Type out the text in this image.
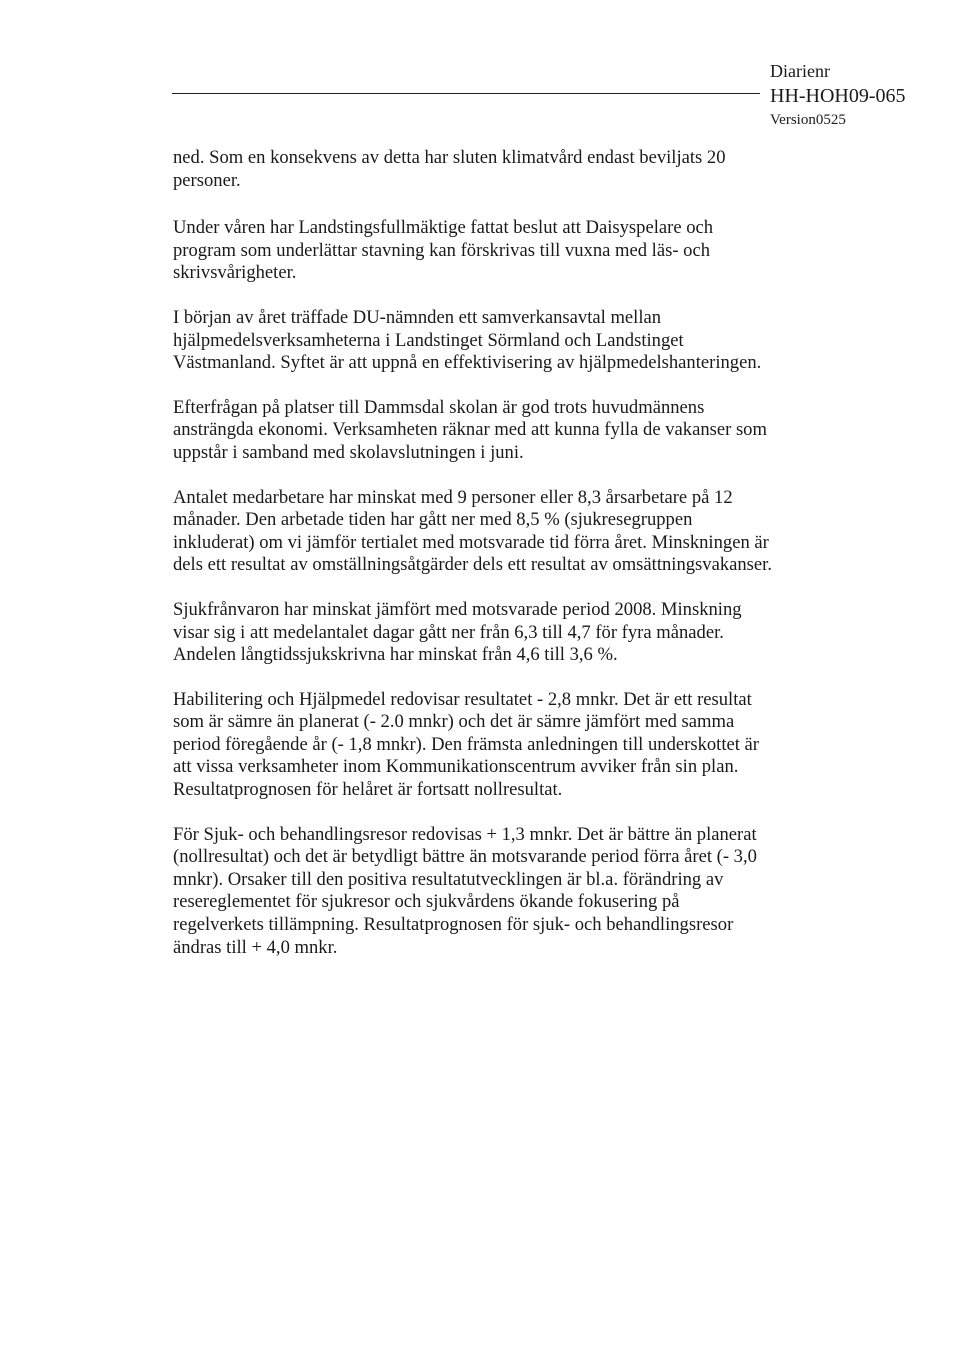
Diarienr
HH-HOH09-065
Version0525

ned. Som en konsekvens av detta har sluten klimatvård endast beviljats 20 personer.

Under våren har Landstingsfullmäktige fattat beslut att Daisyspelare och program som underlättar stavning kan förskrivas till vuxna med läs- och skrivsvårigheter.

I början av året träffade DU-nämnden ett samverkansavtal mellan hjälpmedelsverksamheterna i Landstinget Sörmland och Landstinget Västmanland. Syftet är att uppnå en effektivisering av hjälpmedelshanteringen.

Efterfrågan på platser till Dammsdal skolan är god trots huvudmännens ansträngda ekonomi. Verksamheten räknar med att kunna fylla de vakanser som uppstår i samband med skolavslutningen i juni.

Antalet medarbetare har minskat med 9 personer eller 8,3 årsarbetare på 12 månader. Den arbetade tiden har gått ner med 8,5 % (sjukresegruppen inkluderat) om vi jämför tertialet med motsvarade tid förra året. Minskningen är dels ett resultat av omställningsåtgärder dels ett resultat av omsättningsvakanser.

Sjukfrånvaron har minskat jämfört med motsvarade period 2008. Minskning visar sig i att medelantalet dagar gått ner från 6,3 till 4,7 för fyra månader. Andelen långtidssjukskrivna har minskat från 4,6 till 3,6 %.

Habilitering och Hjälpmedel redovisar resultatet - 2,8 mnkr. Det är ett resultat som är sämre än planerat (- 2.0 mnkr) och det är sämre jämfört med samma period föregående år (- 1,8 mnkr). Den främsta anledningen till underskottet är att vissa verksamheter inom Kommunikationscentrum avviker från sin plan. Resultatprognosen för helåret är fortsatt nollresultat.

För Sjuk- och behandlingsresor redovisas + 1,3 mnkr. Det är bättre än planerat (nollresultat) och det är betydligt bättre än motsvarande period förra året (- 3,0 mnkr). Orsaker till den positiva resultatutvecklingen är bl.a. förändring av resereglementet för sjukresor och sjukvårdens ökande fokusering på regelverkets tillämpning. Resultatprognosen för sjuk- och behandlingsresor ändras till + 4,0 mnkr.
